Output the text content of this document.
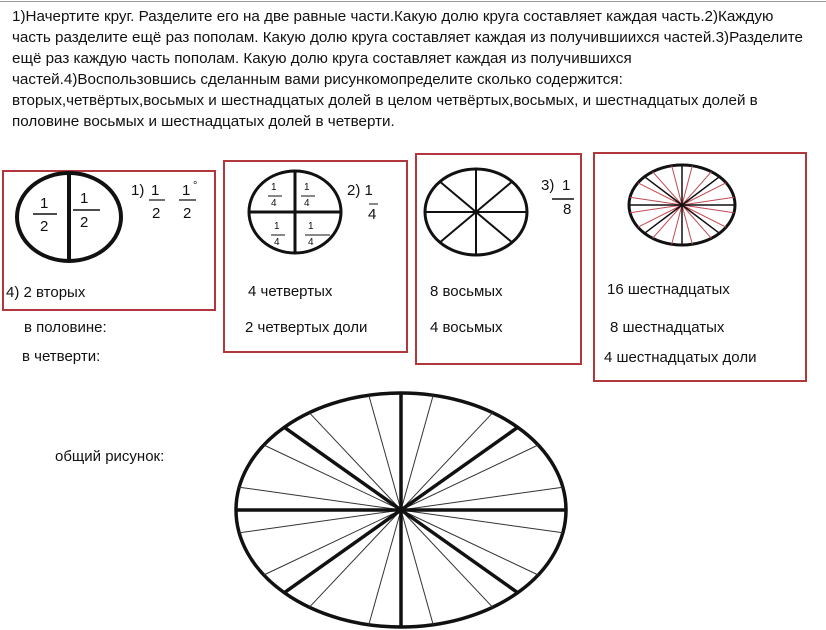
1)Начертите круг. Разделите его на две равные части.Какую долю круга составляет каждая часть.2)Каждую часть разделите ещё раз пополам. Какую долю круга составляет каждая из получившиихся частей.3)Разделите ещё раз каждую часть пополам. Какую долю круга составляет каждая из получившихся частей.4)Воспользовшись сделанным вами рисункомопределите сколько содержится: вторых,четвёртых,восьмых и шестнадцатых долей в целом четвёртых,восьмых, и шестнадцатых долей в половине восьмых и шестнадцатых долей в четверти.

1
2
1
2
1) 1
2
1 °
2
4) 2 вторых
1
4
1
4
1
4
1
4
2) 1
4
4 четвертых
2 четвертых доли
3) 1
8
8 восьмых
4 восьмых
16 шестнадцатых
8 шестнадцатых
4 шестнадцатых доли
в половине:
в четверти:
общий рисунок:
